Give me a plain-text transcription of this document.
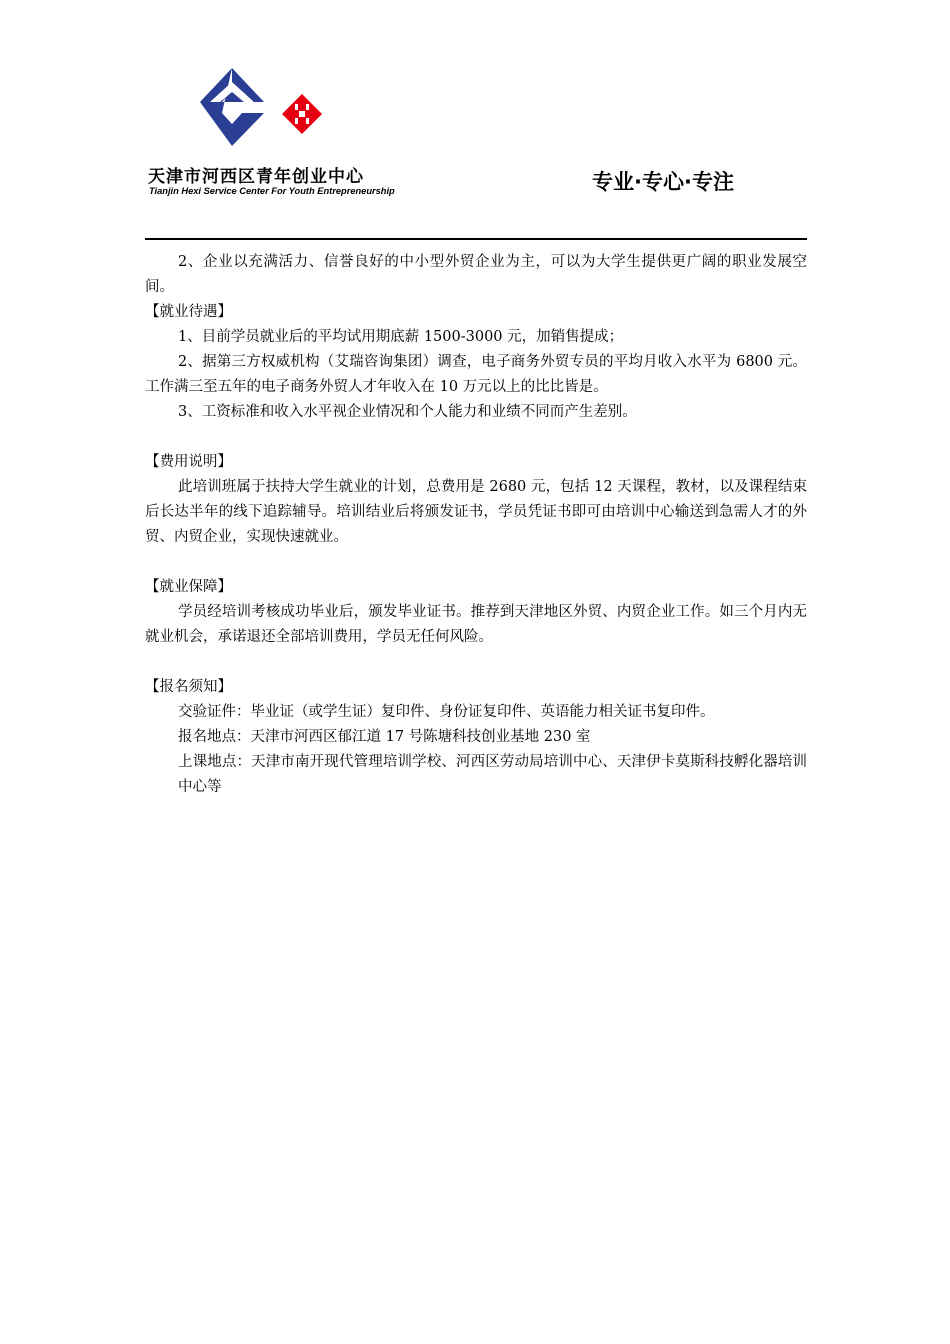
天津市河西区青年创业中心
Tianjin Hexi Service Center For Youth Entrepreneurship	专业·专心·专注

2、企业以充满活力、信誉良好的中小型外贸企业为主，可以为大学生提供更广阔的职业发展空间。

【就业待遇】

1、目前学员就业后的平均试用期底薪 1500-3000 元，加销售提成；

2、据第三方权威机构（艾瑞咨询集团）调查，电子商务外贸专员的平均月收入水平为 6800 元。工作满三至五年的电子商务外贸人才年收入在 10 万元以上的比比皆是。

3、工资标准和收入水平视企业情况和个人能力和业绩不同而产生差别。

【费用说明】

此培训班属于扶持大学生就业的计划，总费用是 2680 元，包括 12 天课程，教材，以及课程结束后长达半年的线下追踪辅导。培训结业后将颁发证书，学员凭证书即可由培训中心输送到急需人才的外贸、内贸企业，实现快速就业。

【就业保障】

学员经培训考核成功毕业后，颁发毕业证书。推荐到天津地区外贸、内贸企业工作。如三个月内无就业机会，承诺退还全部培训费用，学员无任何风险。

【报名须知】

交验证件：毕业证（或学生证）复印件、身份证复印件、英语能力相关证书复印件。

报名地点：天津市河西区郁江道 17 号陈塘科技创业基地 230 室

上课地点：天津市南开现代管理培训学校、河西区劳动局培训中心、天津伊卡莫斯科技孵化器培训中心等
